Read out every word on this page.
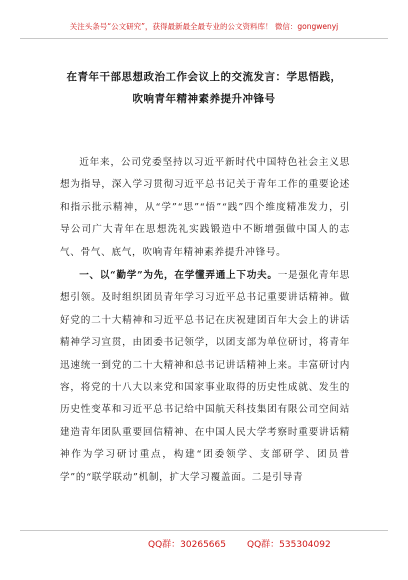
关注头条号“公文研究”，获得最新最全最专业的公文资料库！ 微信：gongwenyj
在青年干部思想政治工作会议上的交流发言：学思悟践，
吹响青年精神素养提升冲锋号

近年来，公司党委坚持以习近平新时代中国特色社会主义思想为指导，深入学习贯彻习近平总书记关于青年工作的重要论述和指示批示精神，从“学”“思”“悟”“践”四个维度精准发力，引导公司广大青年在思想洗礼实践锻造中不断增强做中国人的志气、骨气、底气，吹响青年精神素养提升冲锋号。

一、以“勤学”为先，在学懂弄通上下功夫。一是强化青年思想引领。及时组织团员青年学习习近平总书记重要讲话精神。做好党的二十大精神和习近平总书记在庆祝建团百年大会上的讲话精神学习宣贯，由团委书记领学，以团支部为单位研讨，将青年迅速统一到党的二十大精神和总书记讲话精神上来。丰富研讨内容，将党的十八大以来党和国家事业取得的历史性成就、发生的历史性变革和习近平总书记给中国航天科技集团有限公司空间站建造青年团队重要回信精神、在中国人民大学考察时重要讲话精神作为学习研讨重点，构建“团委领学、支部研学、团员普学”的“联学联动”机制，扩大学习覆盖面。二是引导青

QQ群：30265665 QQ群：535304092
